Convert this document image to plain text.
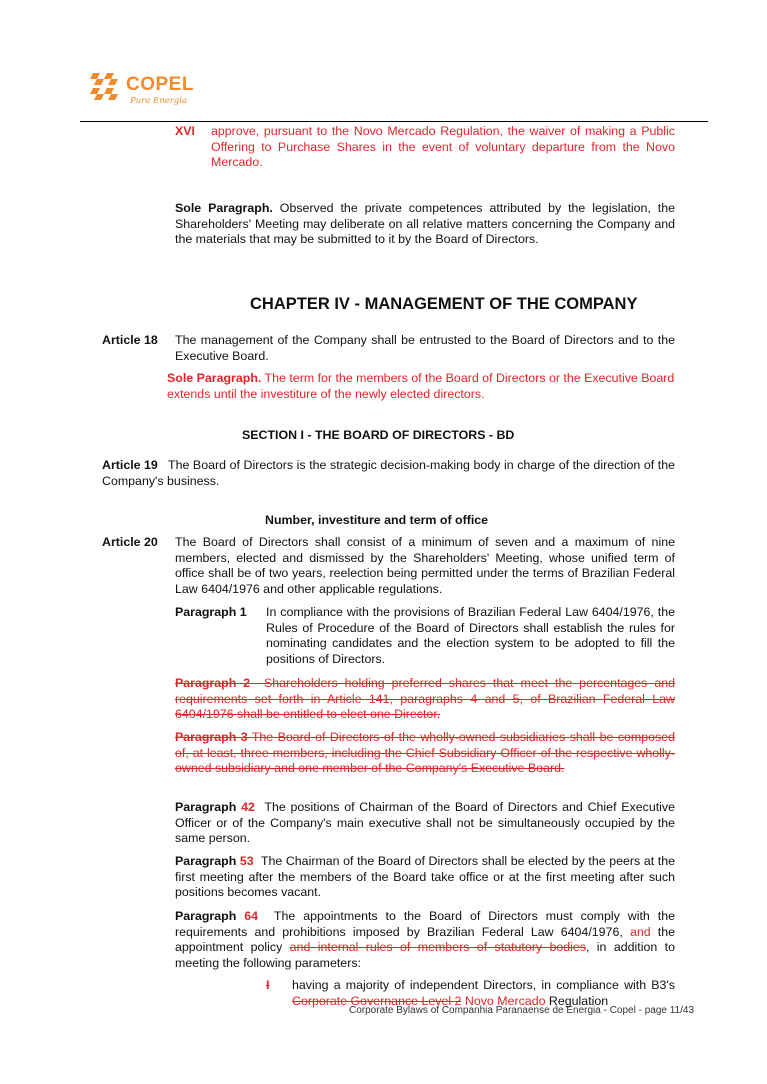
COPEL
Pura Energia
XVI approve, pursuant to the Novo Mercado Regulation, the waiver of making a Public Offering to Purchase Shares in the event of voluntary departure from the Novo Mercado.
Sole Paragraph. Observed the private competences attributed by the legislation, the Shareholders' Meeting may deliberate on all relative matters concerning the Company and the materials that may be submitted to it by the Board of Directors.
CHAPTER IV - MANAGEMENT OF THE COMPANY
Article 18 The management of the Company shall be entrusted to the Board of Directors and to the Executive Board.
Sole Paragraph. The term for the members of the Board of Directors or the Executive Board extends until the investiture of the newly elected directors.
SECTION I - THE BOARD OF DIRECTORS - BD
Article 19 The Board of Directors is the strategic decision-making body in charge of the direction of the Company's business.
Number, investiture and term of office
Article 20 The Board of Directors shall consist of a minimum of seven and a maximum of nine members, elected and dismissed by the Shareholders' Meeting, whose unified term of office shall be of two years, reelection being permitted under the terms of Brazilian Federal Law 6404/1976 and other applicable regulations.
Paragraph 1 In compliance with the provisions of Brazilian Federal Law 6404/1976, the Rules of Procedure of the Board of Directors shall establish the rules for nominating candidates and the election system to be adopted to fill the positions of Directors.
Paragraph 2 Shareholders holding preferred shares that meet the percentages and requirements set forth in Article 141, paragraphs 4 and 5, of Brazilian Federal Law 6404/1976 shall be entitled to elect one Director.
Paragraph 3 The Board of Directors of the wholly-owned subsidiaries shall be composed of, at least, three members, including the Chief Subsidiary Officer of the respective wholly-owned subsidiary and one member of the Company's Executive Board.
Paragraph 42 The positions of Chairman of the Board of Directors and Chief Executive Officer or of the Company's main executive shall not be simultaneously occupied by the same person.
Paragraph 53 The Chairman of the Board of Directors shall be elected by the peers at the first meeting after the members of the Board take office or at the first meeting after such positions becomes vacant.
Paragraph 64 The appointments to the Board of Directors must comply with the requirements and prohibitions imposed by Brazilian Federal Law 6404/1976, and the appointment policy and internal rules of members of statutory bodies, in addition to meeting the following parameters:
I having a majority of independent Directors, in compliance with B3's Corporate Governance Level 2 Novo Mercado Regulation
Corporate Bylaws of Companhia Paranaense de Energia - Copel - page 11/43
